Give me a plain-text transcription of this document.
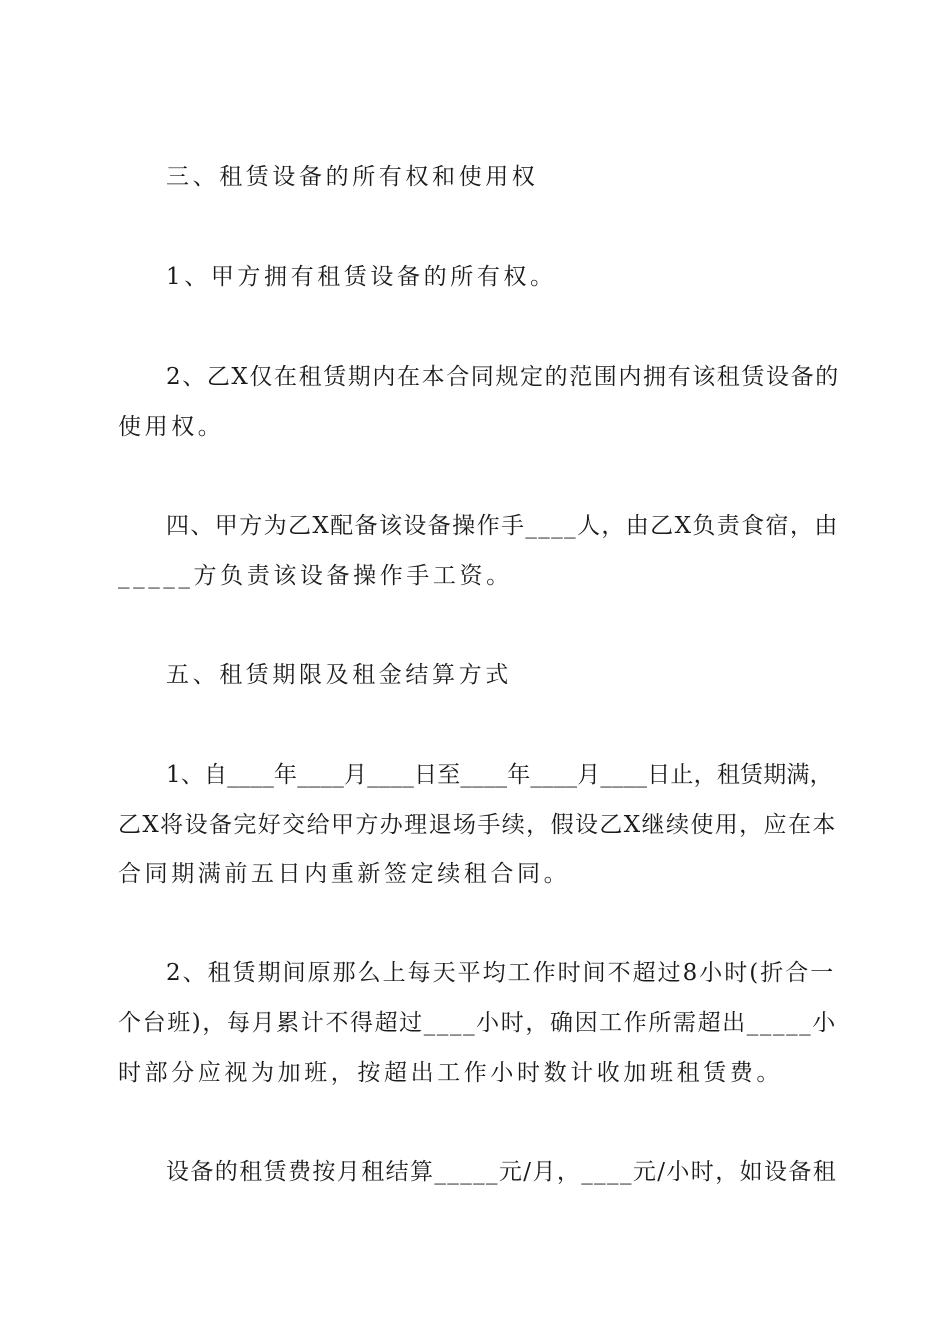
三、租赁设备的所有权和使用权
1、甲方拥有租赁设备的所有权。
2、乙X仅在租赁期内在本合同规定的范围内拥有该租赁设备的
使用权。
四、甲方为乙X配备该设备操作手____人，由乙X负责食宿，由
_____方负责该设备操作手工资。
五、租赁期限及租金结算方式
1、自____年____月____日至____年____月____日止，租赁期满，
乙X将设备完好交给甲方办理退场手续，假设乙X继续使用，应在本
合同期满前五日内重新签定续租合同。
2、租赁期间原那么上每天平均工作时间不超过8小时(折合一
个台班)，每月累计不得超过____小时，确因工作所需超出_____小
时部分应视为加班，按超出工作小时数计收加班租赁费。
设备的租赁费按月租结算_____元/月，____元/小时，如设备租
